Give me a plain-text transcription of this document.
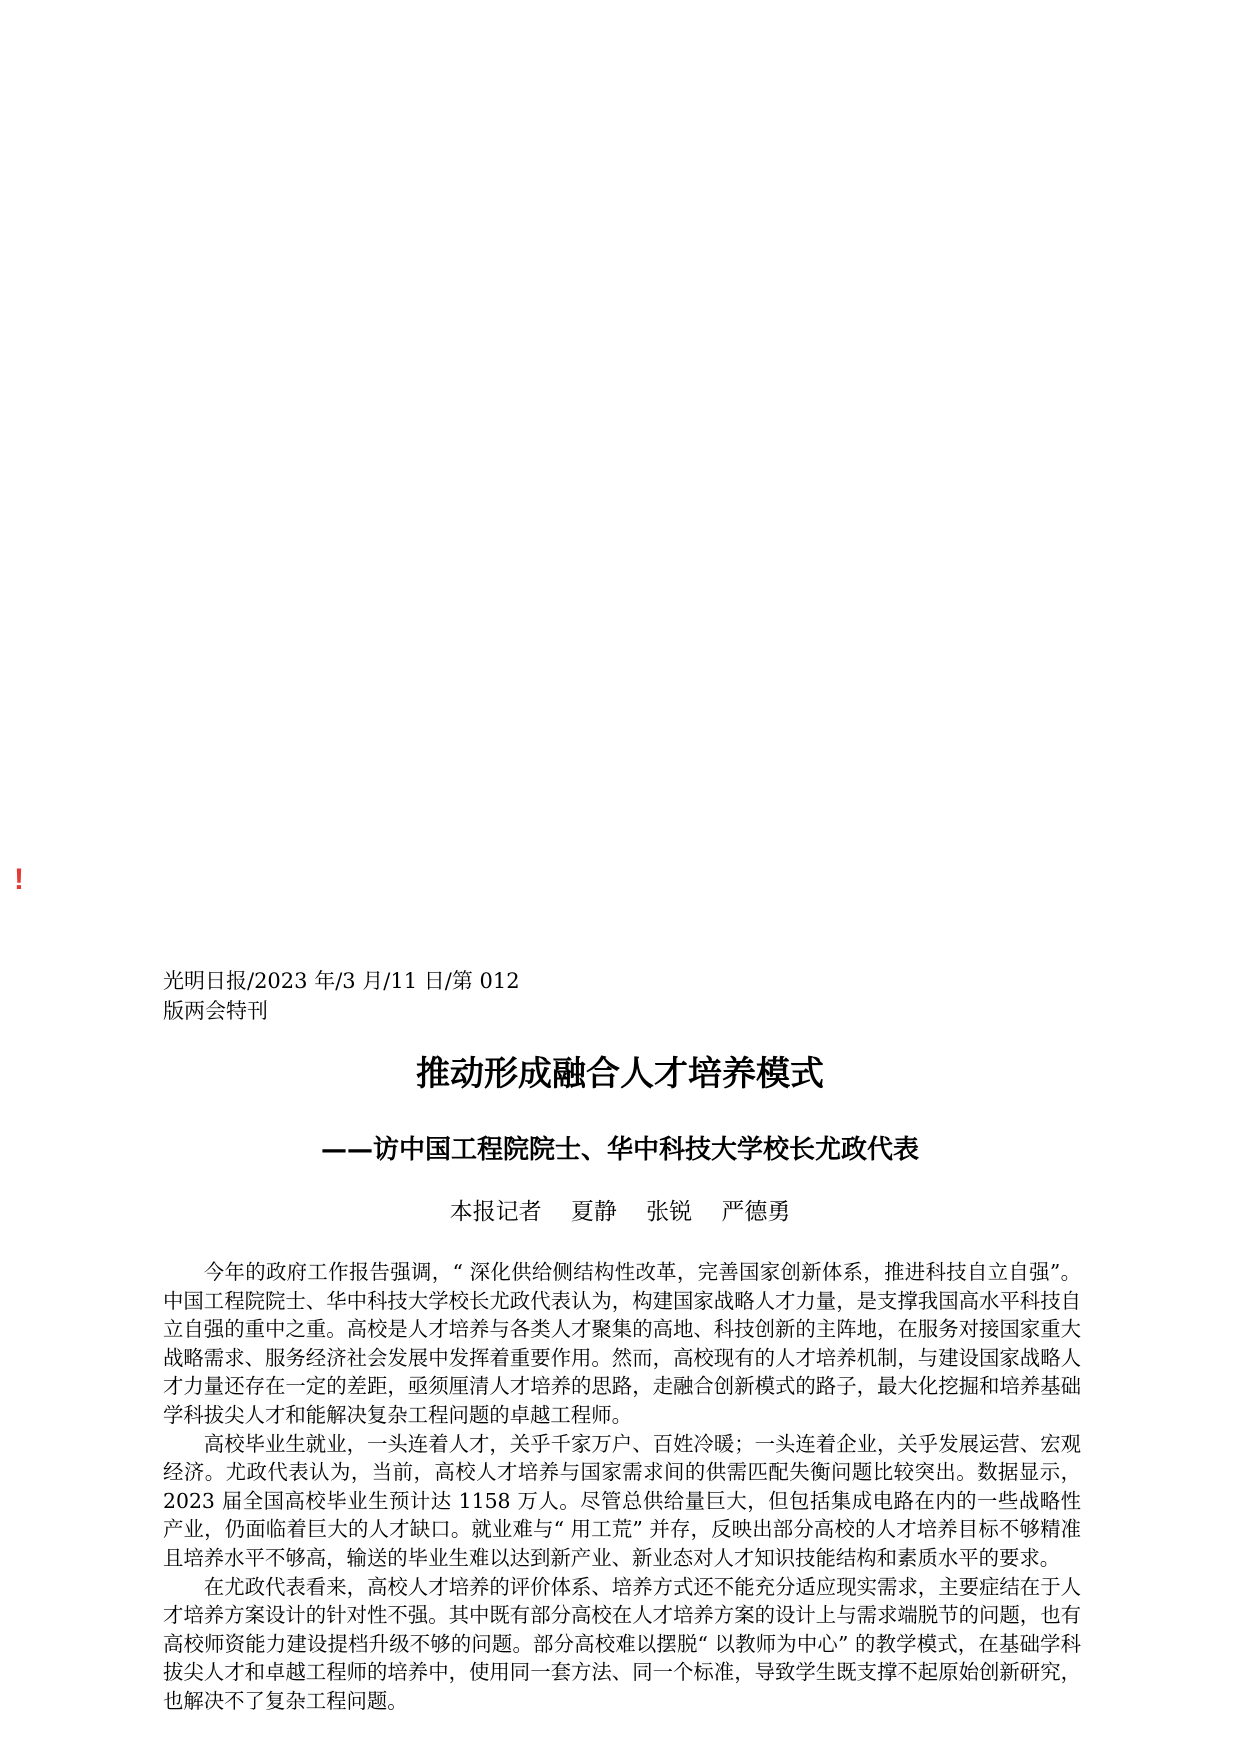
!
光明日报/2023 年/3 月/11 日/第 012
版两会特刊
推动形成融合人才培养模式
——访中国工程院院士、华中科技大学校长尤政代表
本报记者    夏静    张锐    严德勇

今年的政府工作报告强调，“ 深化供给侧结构性改革，完善国家创新体系，推进科技自立自强”。中国工程院院士、华中科技大学校长尤政代表认为，构建国家战略人才力量，是支撑我国高水平科技自立自强的重中之重。高校是人才培养与各类人才聚集的高地、科技创新的主阵地，在服务对接国家重大战略需求、服务经济社会发展中发挥着重要作用。然而，高校现有的人才培养机制，与建设国家战略人才力量还存在一定的差距，亟须厘清人才培养的思路，走融合创新模式的路子，最大化挖掘和培养基础学科拔尖人才和能解决复杂工程问题的卓越工程师。

高校毕业生就业，一头连着人才，关乎千家万户、百姓冷暖；一头连着企业，关乎发展运营、宏观经济。尤政代表认为，当前，高校人才培养与国家需求间的供需匹配失衡问题比较突出。数据显示，2023 届全国高校毕业生预计达 1158 万人。尽管总供给量巨大，但包括集成电路在内的一些战略性产业，仍面临着巨大的人才缺口。就业难与“ 用工荒” 并存，反映出部分高校的人才培养目标不够精准且培养水平不够高，输送的毕业生难以达到新产业、新业态对人才知识技能结构和素质水平的要求。

在尤政代表看来，高校人才培养的评价体系、培养方式还不能充分适应现实需求，主要症结在于人才培养方案设计的针对性不强。其中既有部分高校在人才培养方案的设计上与需求端脱节的问题，也有高校师资能力建设提档升级不够的问题。部分高校难以摆脱“ 以教师为中心” 的教学模式，在基础学科拔尖人才和卓越工程师的培养中，使用同一套方法、同一个标准，导致学生既支撑不起原始创新研究，也解决不了复杂工程问题。
